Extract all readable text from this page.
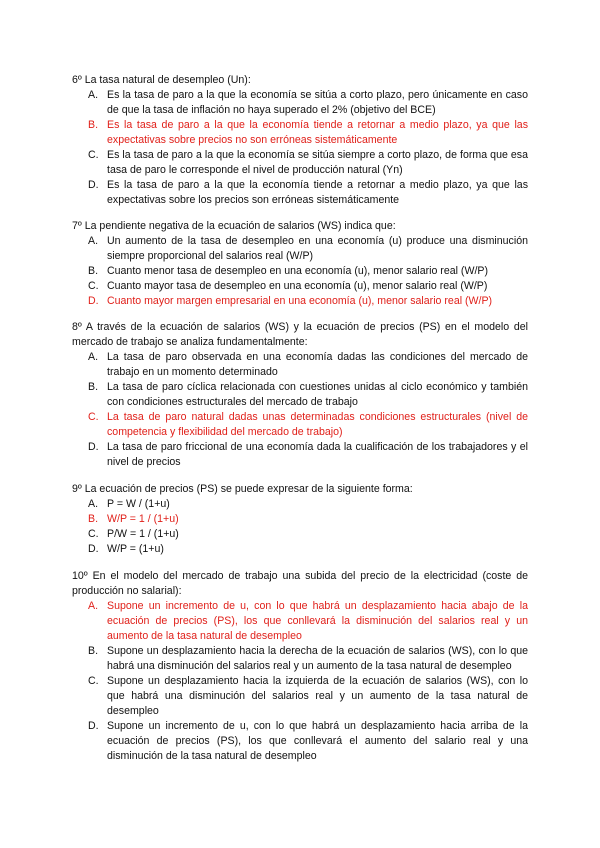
6º La tasa natural de desempleo (Un):

A. Es la tasa de paro a la que la economía se sitúa a corto plazo, pero únicamente en caso de que la tasa de inflación no haya superado el 2% (objetivo del BCE)
B. Es la tasa de paro a la que la economía tiende a retornar a medio plazo, ya que las expectativas sobre precios no son erróneas sistemáticamente
C. Es la tasa de paro a la que la economía se sitúa siempre a corto plazo, de forma que esa tasa de paro le corresponde el nivel de producción natural (Yn)
D. Es la tasa de paro a la que la economía tiende a retornar a medio plazo, ya que las expectativas sobre los precios son erróneas sistemáticamente

7º La pendiente negativa de la ecuación de salarios (WS) indica que:

A. Un aumento de la tasa de desempleo en una economía (u) produce una disminución siempre proporcional del salarios real (W/P)
B. Cuanto menor tasa de desempleo en una economía (u), menor salario real (W/P)
C. Cuanto mayor tasa de desempleo en una economía (u), menor salario real (W/P)
D. Cuanto mayor margen empresarial en una economía (u), menor salario real (W/P)

8º A través de la ecuación de salarios (WS) y la ecuación de precios (PS) en el modelo del mercado de trabajo se analiza fundamentalmente:

A. La tasa de paro observada en una economía dadas las condiciones del mercado de trabajo en un momento determinado
B. La tasa de paro cíclica relacionada con cuestiones unidas al ciclo económico y también con condiciones estructurales del mercado de trabajo
C. La tasa de paro natural dadas unas determinadas condiciones estructurales (nivel de competencia y flexibilidad del mercado de trabajo)
D. La tasa de paro friccional de una economía dada la cualificación de los trabajadores y el nivel de precios

9º La ecuación de precios (PS) se puede expresar de la siguiente forma:

A. P = W / (1+u)
B. W/P = 1 / (1+u)
C. P/W = 1 / (1+u)
D. W/P = (1+u)

10º En el modelo del mercado de trabajo una subida del precio de la electricidad (coste de producción no salarial):

A. Supone un incremento de u, con lo que habrá un desplazamiento hacia abajo de la ecuación de precios (PS), los que conllevará la disminución del salarios real y un aumento de la tasa natural de desempleo
B. Supone un desplazamiento hacia la derecha de la ecuación de salarios (WS), con lo que habrá una disminución del salarios real y un aumento de la tasa natural de desempleo
C. Supone un desplazamiento hacia la izquierda de la ecuación de salarios (WS), con lo que habrá una disminución del salarios real y un aumento de la tasa natural de desempleo
D. Supone un incremento de u, con lo que habrá un desplazamiento hacia arriba de la ecuación de precios (PS), los que conllevará el aumento del salario real y una disminución de la tasa natural de desempleo
